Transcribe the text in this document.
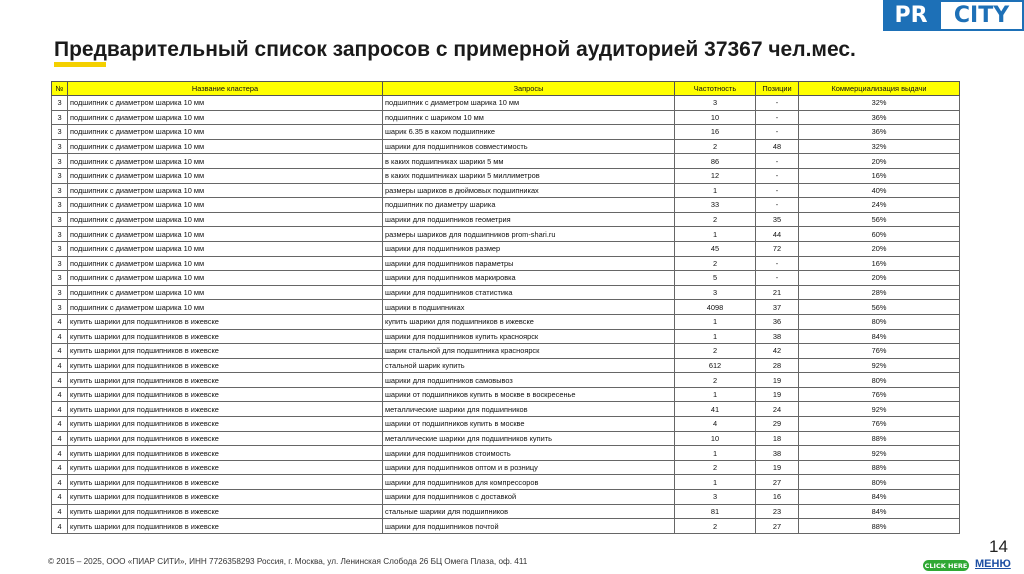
PR	CITY
Предварительный список запросов с примерной аудиторией 37367 чел.мес.
№	Название кластера	Запросы	Частотность	Позиции	Коммерциализация выдачи
3	подшипник с диаметром шарика 10 мм	подшипник с диаметром шарика 10 мм	3	-	32%
3	подшипник с диаметром шарика 10 мм	подшипник с шариком 10 мм	10	-	36%
3	подшипник с диаметром шарика 10 мм	шарик 6.35 в каком подшипнике	16	-	36%
3	подшипник с диаметром шарика 10 мм	шарики для подшипников совместимость	2	48	32%
3	подшипник с диаметром шарика 10 мм	в каких подшипниках шарики 5 мм	86	-	20%
3	подшипник с диаметром шарика 10 мм	в каких подшипниках шарики 5 миллиметров	12	-	16%
3	подшипник с диаметром шарика 10 мм	размеры шариков в дюймовых подшипниках	1	-	40%
3	подшипник с диаметром шарика 10 мм	подшипник по диаметру шарика	33	-	24%
3	подшипник с диаметром шарика 10 мм	шарики для подшипников геометрия	2	35	56%
3	подшипник с диаметром шарика 10 мм	размеры шариков для подшипников prom-shari.ru	1	44	60%
3	подшипник с диаметром шарика 10 мм	шарики для подшипников размер	45	72	20%
3	подшипник с диаметром шарика 10 мм	шарики для подшипников параметры	2	-	16%
3	подшипник с диаметром шарика 10 мм	шарики для подшипников маркировка	5	-	20%
3	подшипник с диаметром шарика 10 мм	шарики для подшипников статистика	3	21	28%
3	подшипник с диаметром шарика 10 мм	шарики в подшипниках	4098	37	56%
4	купить шарики для подшипников в ижевске	купить шарики для подшипников в ижевске	1	36	80%
4	купить шарики для подшипников в ижевске	шарики для подшипников купить красноярск	1	38	84%
4	купить шарики для подшипников в ижевске	шарик стальной для подшипника красноярск	2	42	76%
4	купить шарики для подшипников в ижевске	стальной шарик купить	612	28	92%
4	купить шарики для подшипников в ижевске	шарики для подшипников самовывоз	2	19	80%
4	купить шарики для подшипников в ижевске	шарики от подшипников купить в москве в воскресенье	1	19	76%
4	купить шарики для подшипников в ижевске	металлические шарики для подшипников	41	24	92%
4	купить шарики для подшипников в ижевске	шарики от подшипников купить в москве	4	29	76%
4	купить шарики для подшипников в ижевске	металлические шарики для подшипников купить	10	18	88%
4	купить шарики для подшипников в ижевске	шарики для подшипников стоимость	1	38	92%
4	купить шарики для подшипников в ижевске	шарики для подшипников оптом и в розницу	2	19	88%
4	купить шарики для подшипников в ижевске	шарики для подшипников для компрессоров	1	27	80%
4	купить шарики для подшипников в ижевске	шарики для подшипников с доставкой	3	16	84%
4	купить шарики для подшипников в ижевске	стальные шарики для подшипников	81	23	84%
4	купить шарики для подшипников в ижевске	шарики для подшипников почтой	2	27	88%
14
© 2015 – 2025, ООО «ПИАР СИТИ», ИНН 7726358293 Россия, г. Москва, ул. Ленинская Слобода 26 БЦ Омега Плаза, оф. 411	CLICK HERE МЕНЮ
